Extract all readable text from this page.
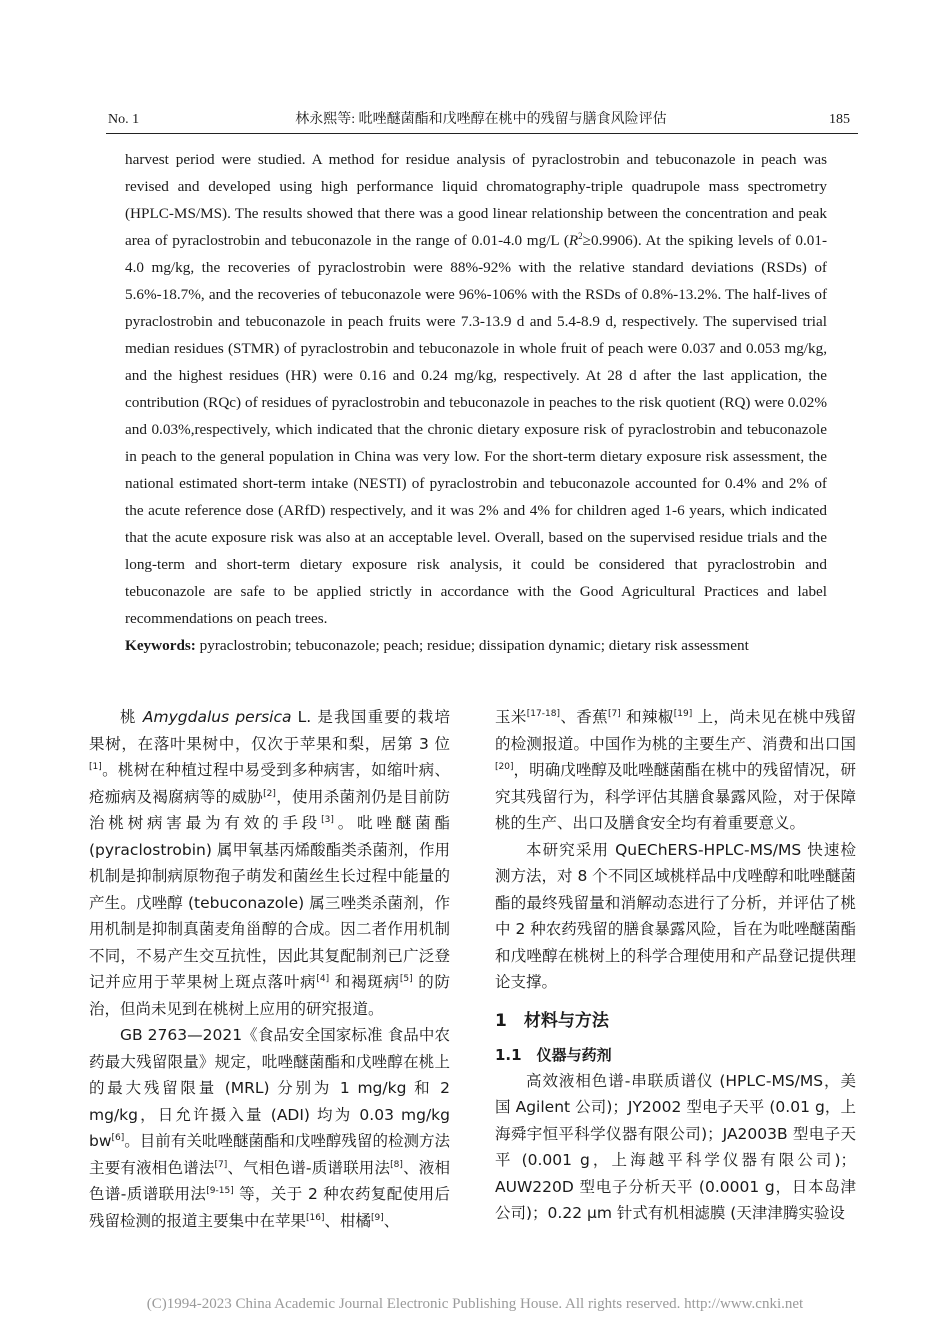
No. 1	林永熙等: 吡唑醚菌酯和戊唑醇在桃中的残留与膳食风险评估	185

harvest period were studied. A method for residue analysis of pyraclostrobin and tebuconazole in peach was revised and developed using high performance liquid chromatography-triple quadrupole mass spectrometry (HPLC-MS/MS). The results showed that there was a good linear relationship between the concentration and peak area of pyraclostrobin and tebuconazole in the range of 0.01-4.0 mg/L $(R^2\ge 0.9906)$. At the spiking levels of 0.01-4.0 mg/kg, the recoveries of pyraclostrobin were 88%-92% with the relative standard deviations (RSDs) of 5.6%-18.7%, and the recoveries of tebuconazole were 96%-106% with the RSDs of 0.8%-13.2%. The half-lives of pyraclostrobin and tebuconazole in peach fruits were 7.3-13.9 d and 5.4-8.9 d, respectively. The supervised trial median residues (STMR) of pyraclostrobin and tebuconazole in whole fruit of peach were 0.037 and 0.053 mg/kg, and the highest residues (HR) were 0.16 and 0.24 mg/kg, respectively. At 28 d after the last application, the contribution (RQc) of residues of pyraclostrobin and tebuconazole in peaches to the risk quotient (RQ) were 0.02% and 0.03%,respectively, which indicated that the chronic dietary exposure risk of pyraclostrobin and tebuconazole in peach to the general population in China was very low. For the short-term dietary exposure risk assessment, the national estimated short-term intake (NESTI) of pyraclostrobin and tebuconazole accounted for 0.4% and 2% of the acute reference dose (ARfD) respectively, and it was 2% and 4% for children aged 1-6 years, which indicated that the acute exposure risk was also at an acceptable level. Overall, based on the supervised residue trials and the long-term and short-term dietary exposure risk analysis, it could be considered that pyraclostrobin and tebuconazole are safe to be applied strictly in accordance with the Good Agricultural Practices and label recommendations on peach trees.

Keywords: pyraclostrobin; tebuconazole; peach; residue; dissipation dynamic; dietary risk assessment

桃 Amygdalus persica L. 是我国重要的栽培果树，在落叶果树中，仅次于苹果和梨，居第 3 位[1]。桃树在种植过程中易受到多种病害，如缩叶病、疮痂病及褐腐病等的威胁[2]，使用杀菌剂仍是目前防治桃树病害最为有效的手段[3]。吡唑醚菌酯 (pyraclostrobin) 属甲氧基丙烯酸酯类杀菌剂，作用机制是抑制病原物孢子萌发和菌丝生长过程中能量的产生。戊唑醇 (tebuconazole) 属三唑类杀菌剂，作用机制是抑制真菌麦角甾醇的合成。因二者作用机制不同，不易产生交互抗性，因此其复配制剂已广泛登记并应用于苹果树上斑点落叶病[4] 和褐斑病[5] 的防治，但尚未见到在桃树上应用的研究报道。

GB 2763—2021《食品安全国家标准 食品中农药最大残留限量》规定，吡唑醚菌酯和戊唑醇在桃上的最大残留限量 (MRL) 分别为 1 mg/kg 和 2 mg/kg，日允许摄入量 (ADI) 均为 0.03 mg/kg bw[6]。目前有关吡唑醚菌酯和戊唑醇残留的检测方法主要有液相色谱法[7]、气相色谱-质谱联用法[8]、液相色谱-质谱联用法[9-15] 等，关于 2 种农药复配使用后残留检测的报道主要集中在苹果[16]、柑橘[9]、

玉米[17-18]、香蕉[7] 和辣椒[19] 上，尚未见在桃中残留的检测报道。中国作为桃的主要生产、消费和出口国[20]，明确戊唑醇及吡唑醚菌酯在桃中的残留情况，研究其残留行为，科学评估其膳食暴露风险，对于保障桃的生产、出口及膳食安全均有着重要意义。

本研究采用 QuEChERS-HPLC-MS/MS 快速检测方法，对 8 个不同区域桃样品中戊唑醇和吡唑醚菌酯的最终残留量和消解动态进行了分析，并评估了桃中 2 种农药残留的膳食暴露风险，旨在为吡唑醚菌酯和戊唑醇在桃树上的科学合理使用和产品登记提供理论支撑。

1　材料与方法
1.1　仪器与药剂

高效液相色谱-串联质谱仪 (HPLC-MS/MS，美国 Agilent 公司)；JY2002 型电子天平 (0.01 g，上海舜宇恒平科学仪器有限公司)；JA2003B 型电子天平 (0.001 g，上海越平科学仪器有限公司)；AUW220D 型电子分析天平 (0.0001 g，日本岛津公司)；0.22 μm 针式有机相滤膜 (天津津腾实验设

(C)1994-2023 China Academic Journal Electronic Publishing House. All rights reserved. http://www.cnki.net
